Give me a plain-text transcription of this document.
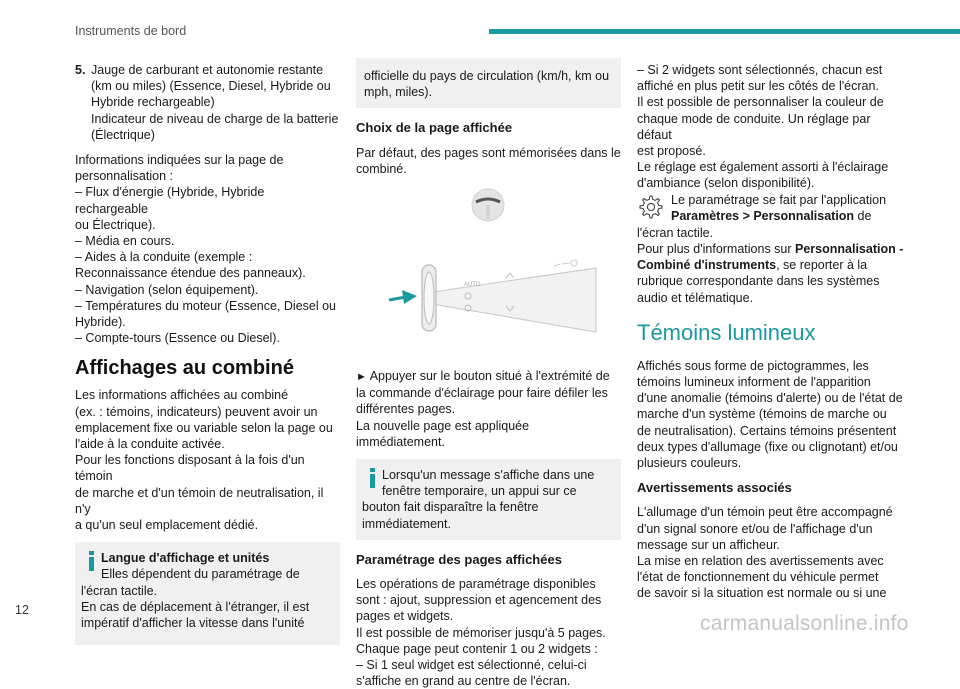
Instruments de bord
5. Jauge de carburant et autonomie restante

(km ou miles) (Essence, Diesel, Hybride ou

Hybride rechargeable)

Indicateur de niveau de charge de la batterie

(Électrique)

Informations indiquées sur la page de

personnalisation :

– Flux d'énergie (Hybride, Hybride rechargeable

ou Électrique).

– Média en cours.

– Aides à la conduite (exemple :

Reconnaissance étendue des panneaux).

– Navigation (selon équipement).

– Températures du moteur (Essence, Diesel ou

Hybride).

– Compte-tours (Essence ou Diesel).

Affichages au combiné

Les informations affichées au combiné

(ex. : témoins, indicateurs) peuvent avoir un

emplacement fixe ou variable selon la page ou

l'aide à la conduite activée.

Pour les fonctions disposant à la fois d'un témoin

de marche et d'un témoin de neutralisation, il n'y

a qu'un seul emplacement dédié.

Langue d'affichage et unités

Elles dépendent du paramétrage de

l'écran tactile.

En cas de déplacement à l'étranger, il est

impératif d'afficher la vitesse dans l'unité

officielle du pays de circulation (km/h, km ou

mph, miles).

Choix de la page affichée

Par défaut, des pages sont mémorisées dans le

combiné.

AUTO

► Appuyer sur le bouton situé à l'extrémité de

la commande d'éclairage pour faire défiler les

différentes pages.

La nouvelle page est appliquée immédiatement.

Lorsqu'un message s'affiche dans une

fenêtre temporaire, un appui sur ce

bouton fait disparaître la fenêtre

immédiatement.

Paramétrage des pages affichées

Les opérations de paramétrage disponibles

sont : ajout, suppression et agencement des

pages et widgets.

Il est possible de mémoriser jusqu'à 5 pages.

Chaque page peut contenir 1 ou 2 widgets :

– Si 1 seul widget est sélectionné, celui-ci

s'affiche en grand au centre de l'écran.

– Si 2 widgets sont sélectionnés, chacun est

affiché en plus petit sur les côtés de l'écran.

Il est possible de personnaliser la couleur de

chaque mode de conduite. Un réglage par défaut

est proposé.

Le réglage est également assorti à l'éclairage

d'ambiance (selon disponibilité).

Le paramétrage se fait par l'application

Paramètres > Personnalisation de

l'écran tactile.

Pour plus d'informations sur Personnalisation -

Combiné d'instruments, se reporter à la

rubrique correspondante dans les systèmes

audio et télématique.

Témoins lumineux

Affichés sous forme de pictogrammes, les

témoins lumineux informent de l'apparition

d'une anomalie (témoins d'alerte) ou de l'état de

marche d'un système (témoins de marche ou

de neutralisation). Certains témoins présentent

deux types d'allumage (fixe ou clignotant) et/ou

plusieurs couleurs.

Avertissements associés

L'allumage d'un témoin peut être accompagné

d'un signal sonore et/ou de l'affichage d'un

message sur un afficheur.

La mise en relation des avertissements avec

l'état de fonctionnement du véhicule permet

de savoir si la situation est normale ou si une

12
carmanualsonline.info
